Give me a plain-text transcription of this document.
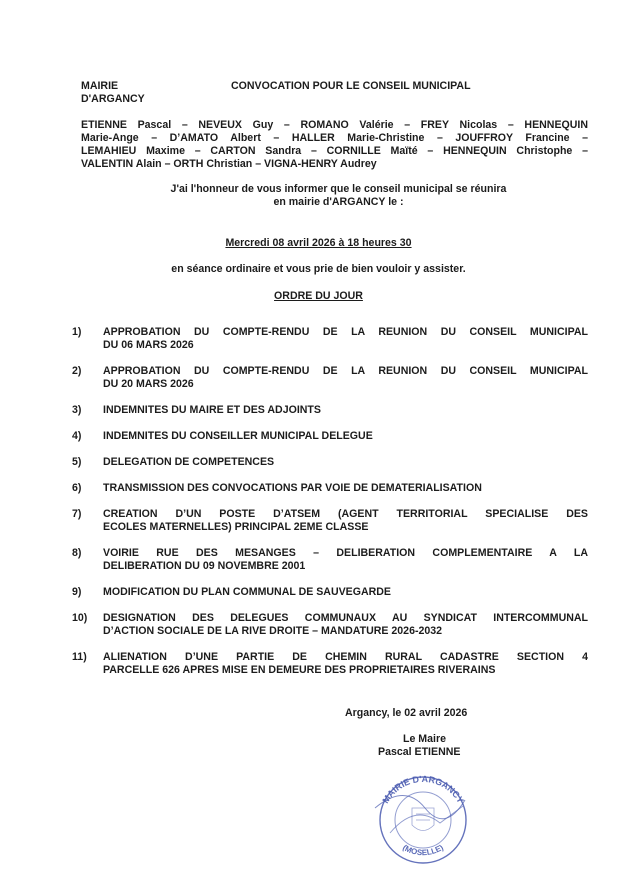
MAIRIE
D'ARGANCY
CONVOCATION POUR LE CONSEIL MUNICIPAL
ETIENNE Pascal – NEVEUX Guy – ROMANO Valérie – FREY Nicolas – HENNEQUIN
Marie-Ange – D’AMATO Albert – HALLER Marie-Christine – JOUFFROY Francine –
LEMAHIEU Maxime – CARTON Sandra – CORNILLE Maïté – HENNEQUIN Christophe –
VALENTIN Alain – ORTH Christian – VIGNA-HENRY Audrey
J'ai l'honneur de vous informer que le conseil municipal se réunira
en mairie d'ARGANCY le :
Mercredi 08 avril 2026 à 18 heures 30
en séance ordinaire et vous prie de bien vouloir y assister.
ORDRE DU JOUR
1)	APPROBATION DU COMPTE-RENDU DE LA REUNION DU CONSEIL MUNICIPAL
DU 06 MARS 2026
2)	APPROBATION DU COMPTE-RENDU DE LA REUNION DU CONSEIL MUNICIPAL
DU 20 MARS 2026
3)	INDEMNITES DU MAIRE ET DES ADJOINTS
4)	INDEMNITES DU CONSEILLER MUNICIPAL DELEGUE
5)	DELEGATION DE COMPETENCES
6)	TRANSMISSION DES CONVOCATIONS PAR VOIE DE DEMATERIALISATION
7)	CREATION D’UN POSTE D’ATSEM (AGENT TERRITORIAL SPECIALISE DES
ECOLES MATERNELLES) PRINCIPAL 2EME CLASSE
8)	VOIRIE RUE DES MESANGES – DELIBERATION COMPLEMENTAIRE A LA
DELIBERATION DU 09 NOVEMBRE 2001
9)	MODIFICATION DU PLAN COMMUNAL DE SAUVEGARDE
10)	DESIGNATION DES DELEGUES COMMUNAUX AU SYNDICAT INTERCOMMUNAL
D’ACTION SOCIALE DE LA RIVE DROITE – MANDATURE 2026-2032
11)	ALIENATION D’UNE PARTIE DE CHEMIN RURAL CADASTRE SECTION 4
PARCELLE 626 APRES MISE EN DEMEURE DES PROPRIETAIRES RIVERAINS
Argancy, le 02 avril 2026
Le Maire
Pascal ETIENNE
MAIRIE D'ARGANCY
(MOSELLE)
